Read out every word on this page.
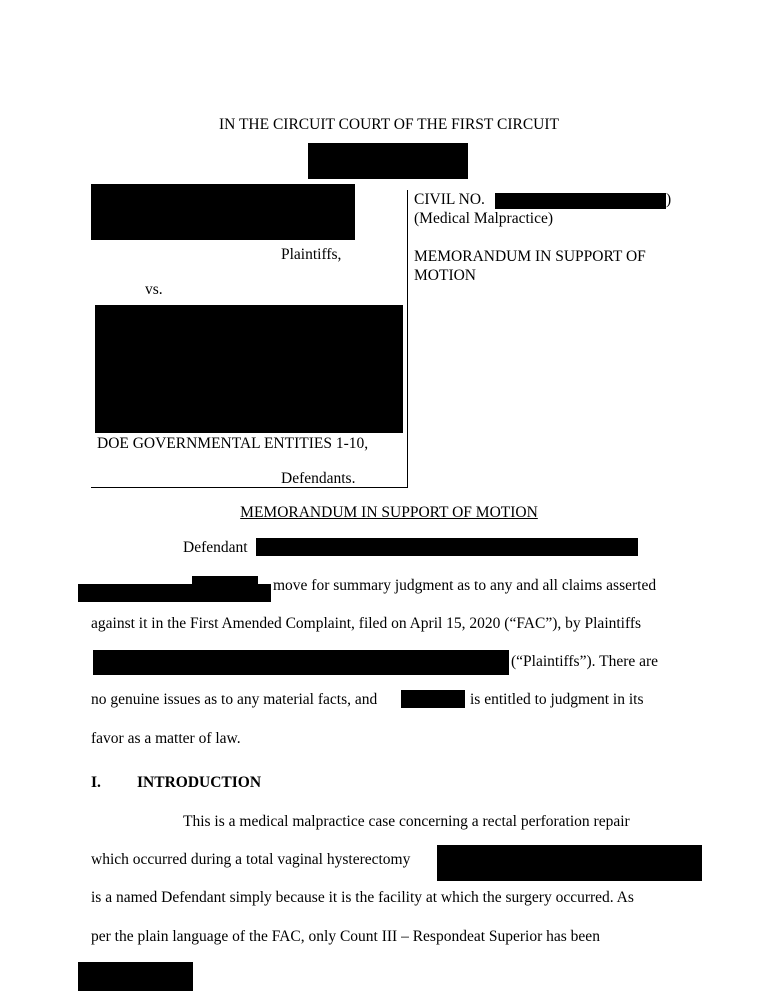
IN THE CIRCUIT COURT OF THE FIRST CIRCUIT
Plaintiffs,
vs.
DOE GOVERNMENTAL ENTITIES 1-10,
Defendants.
CIVIL NO.	)
(Medical Malpractice)
MEMORANDUM IN SUPPORT OF
MOTION
MEMORANDUM IN SUPPORT OF MOTION
Defendant
move for summary judgment as to any and all claims asserted
against it in the First Amended Complaint, filed on April 15, 2020 (“FAC”), by Plaintiffs
(“Plaintiffs”). There are
no genuine issues as to any material facts, and	is entitled to judgment in its
favor as a matter of law.
I. INTRODUCTION
This is a medical malpractice case concerning a rectal perforation repair
which occurred during a total vaginal hysterectomy
is a named Defendant simply because it is the facility at which the surgery occurred. As
per the plain language of the FAC, only Count III – Respondeat Superior has been
